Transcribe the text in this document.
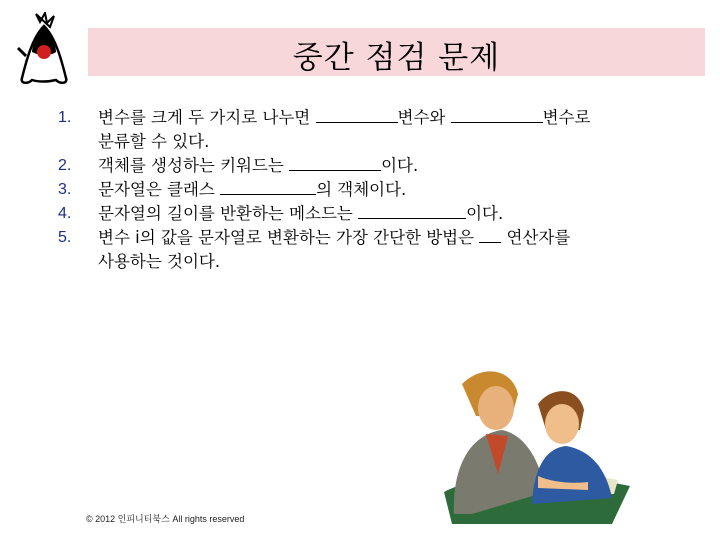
중간 점검 문제
1.	변수를 크게 두 가지로 나누면	변수와	변수로
분류할 수 있다.
2.	객체를 생성하는 키워드는	이다.
3.	문자열은 클래스	의 객체이다.
4.	문자열의 길이를 반환하는 메소드는	이다.
5.	변수 i의 값을 문자열로 변환하는 가장 간단한 방법은  연산자를
사용하는 것이다.
© 2012 인피니티북스 All rights reserved
